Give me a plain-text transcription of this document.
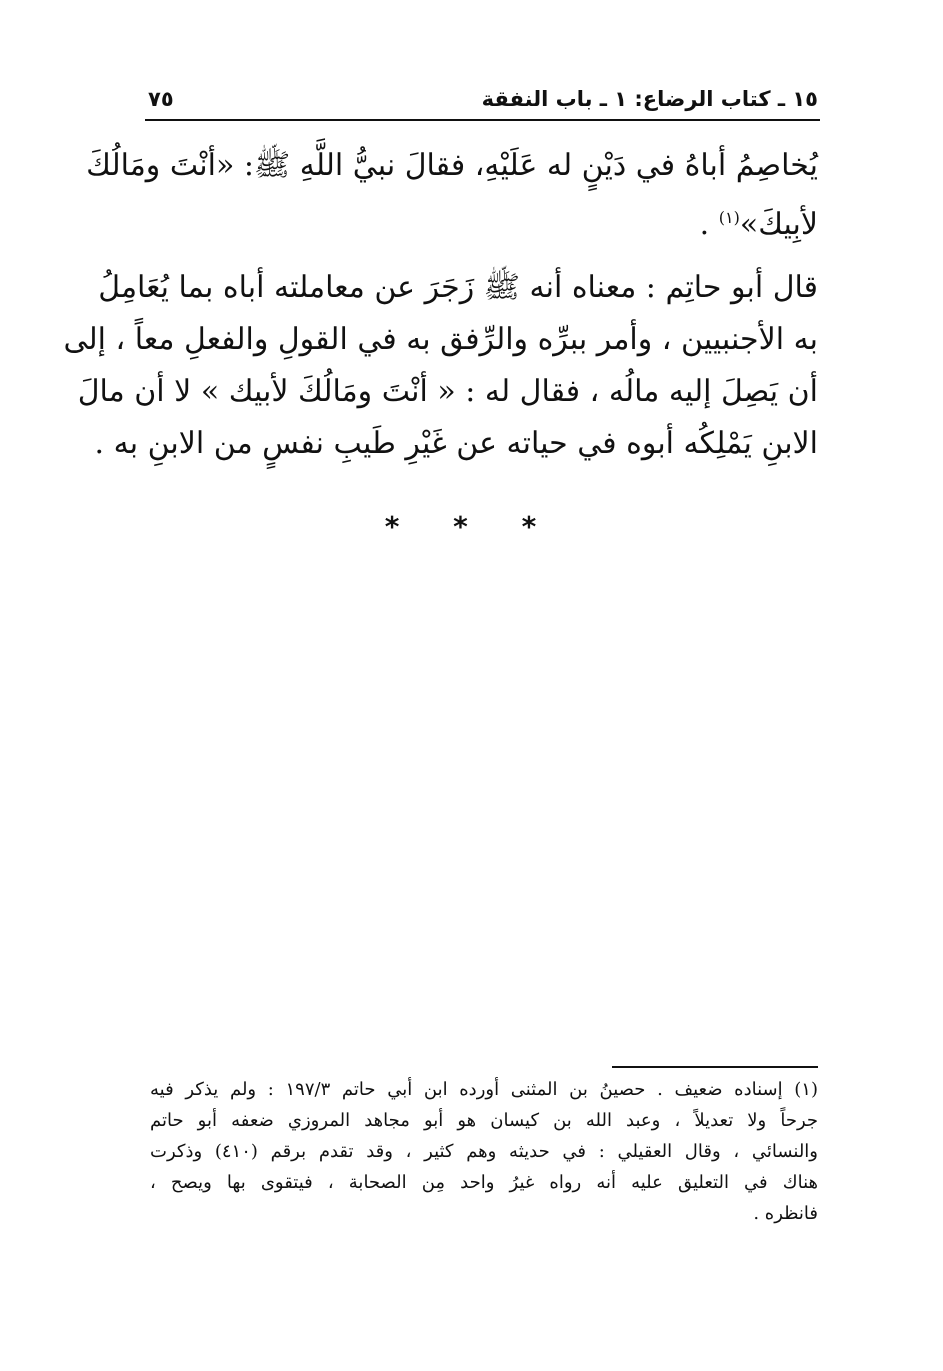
١٥ ـ كتاب الرضاع: ١ ـ باب النفقة
٧٥
يُخاصِمُ أباهُ في دَيْنٍ له عَلَيْهِ، فقالَ نبيُّ اللَّهِ ﷺ: «أنْتَ ومَالُكَ
لأبِيكَ»$^{(١)}$ .
قال أبو حاتِم : معناه أنه ﷺ زَجَرَ عن معاملته أباه بما يُعَامِلُ
به الأجنبيين ، وأمر ببرِّه والرِّفق به في القولِ والفعلِ معاً ، إلى
أن يَصِلَ إليه مالُه ، فقال له : « أنْتَ ومَالُكَ لأبيك » لا أن مالَ
الابنِ يَمْلِكُه أبوه في حياته عن غَيْرِ طَيبِ نفسٍ من الابنِ به .
* * *
(١) إسناده ضعيف . حصينُ بن المثنى أورده ابن أبي حاتم ١٩٧/٣ : ولم يذكر فيه
جرحاً ولا تعديلاً ، وعبد الله بن كيسان هو أبو مجاهد المروزي ضعفه أبو حاتم
والنسائي ، وقال العقيلي : في حديثه وهم كثير ، وقد تقدم برقم (٤١٠) وذكرت
هناك في التعليق عليه أنه رواه غيرُ واحد مِن الصحابة ، فيتقوى بها ويصح ،
فانظره .
